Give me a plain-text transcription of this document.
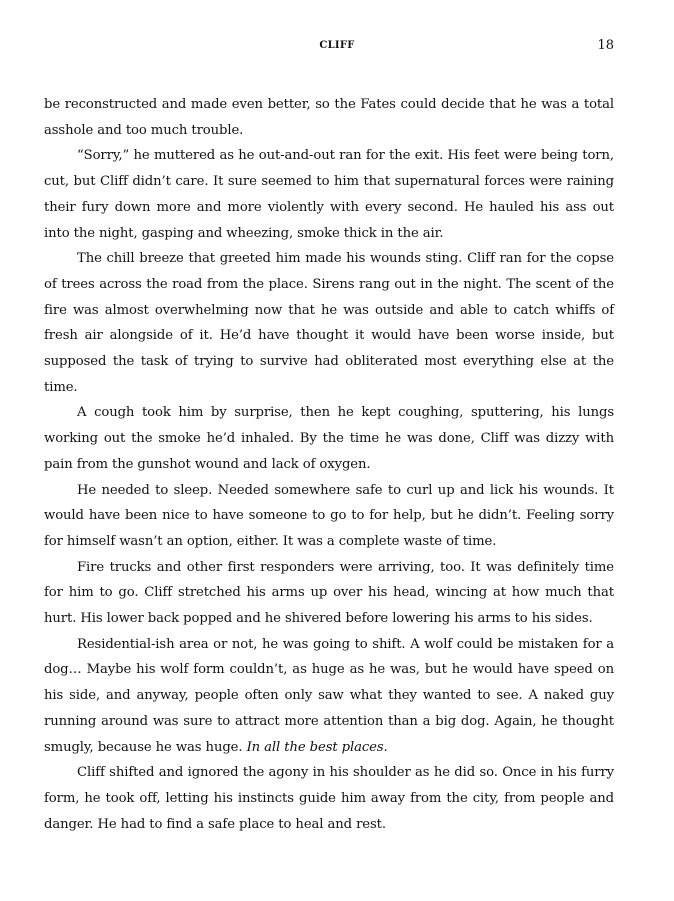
CLIFF	18

be reconstructed and made even better, so the Fates could decide that he was a total asshole and too much trouble.

“Sorry,” he muttered as he out-and-out ran for the exit. His feet were being torn, cut, but Cliff didn’t care. It sure seemed to him that supernatural forces were raining their fury down more and more violently with every second. He hauled his ass out into the night, gasping and wheezing, smoke thick in the air.

The chill breeze that greeted him made his wounds sting. Cliff ran for the copse of trees across the road from the place. Sirens rang out in the night. The scent of the fire was almost overwhelming now that he was outside and able to catch whiffs of fresh air alongside of it. He’d have thought it would have been worse inside, but supposed the task of trying to survive had obliterated most everything else at the time.

A cough took him by surprise, then he kept coughing, sputtering, his lungs working out the smoke he’d inhaled. By the time he was done, Cliff was dizzy with pain from the gunshot wound and lack of oxygen.

He needed to sleep. Needed somewhere safe to curl up and lick his wounds. It would have been nice to have someone to go to for help, but he didn’t. Feeling sorry for himself wasn’t an option, either. It was a complete waste of time.

Fire trucks and other first responders were arriving, too. It was definitely time for him to go. Cliff stretched his arms up over his head, wincing at how much that hurt. His lower back popped and he shivered before lowering his arms to his sides.

Residential-ish area or not, he was going to shift. A wolf could be mistaken for a dog… Maybe his wolf form couldn’t, as huge as he was, but he would have speed on his side, and anyway, people often only saw what they wanted to see. A naked guy running around was sure to attract more attention than a big dog. Again, he thought smugly, because he was huge. In all the best places.

Cliff shifted and ignored the agony in his shoulder as he did so. Once in his furry form, he took off, letting his instincts guide him away from the city, from people and danger. He had to find a safe place to heal and rest.
